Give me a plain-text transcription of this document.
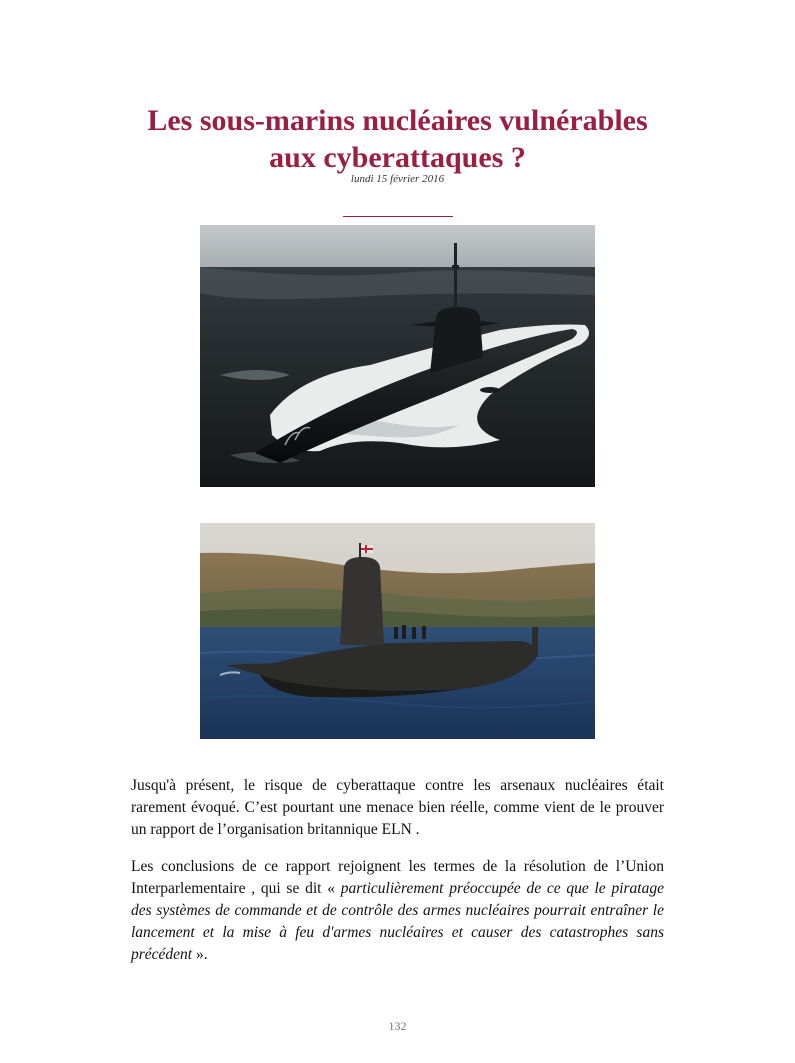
Les sous-marins nucléaires vulnérables
aux cyberattaques ?
lundi 15 février 2016

Jusqu'à présent, le risque de cyberattaque contre les arsenaux nucléaires était rarement évoqué. C’est pourtant une menace bien réelle, comme vient de le prouver un rapport de l’organisation britannique ELN .

Les conclusions de ce rapport rejoignent les termes de la résolution de l’Union Interparlementaire , qui se dit « particulièrement préoccupée de ce que le piratage des systèmes de commande et de contrôle des armes nucléaires pourrait entraîner le lancement et la mise à feu d'armes nucléaires et causer des catastrophes sans précédent ».

132
